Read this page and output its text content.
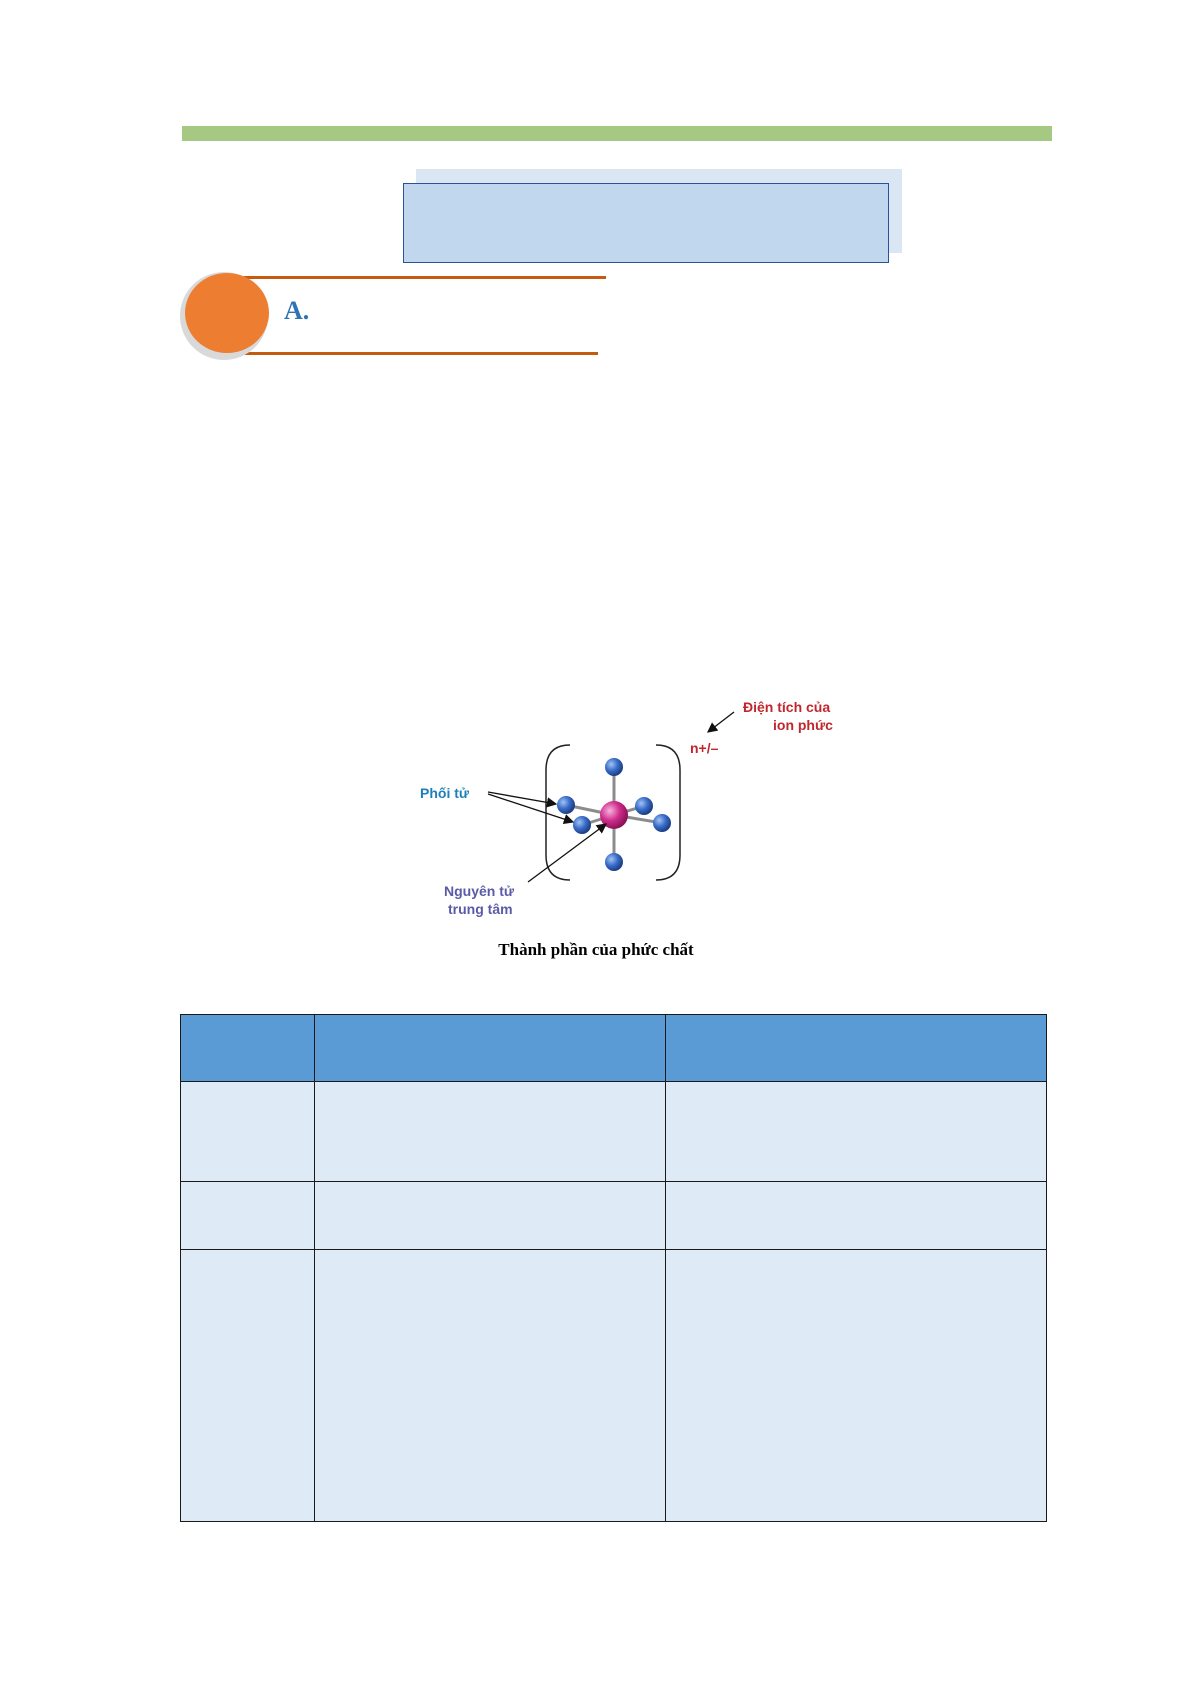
A.
Phối tử
Điện tích của
ion phức
n+/–
Nguyên tử
trung tâm
Thành phần của phức chất
